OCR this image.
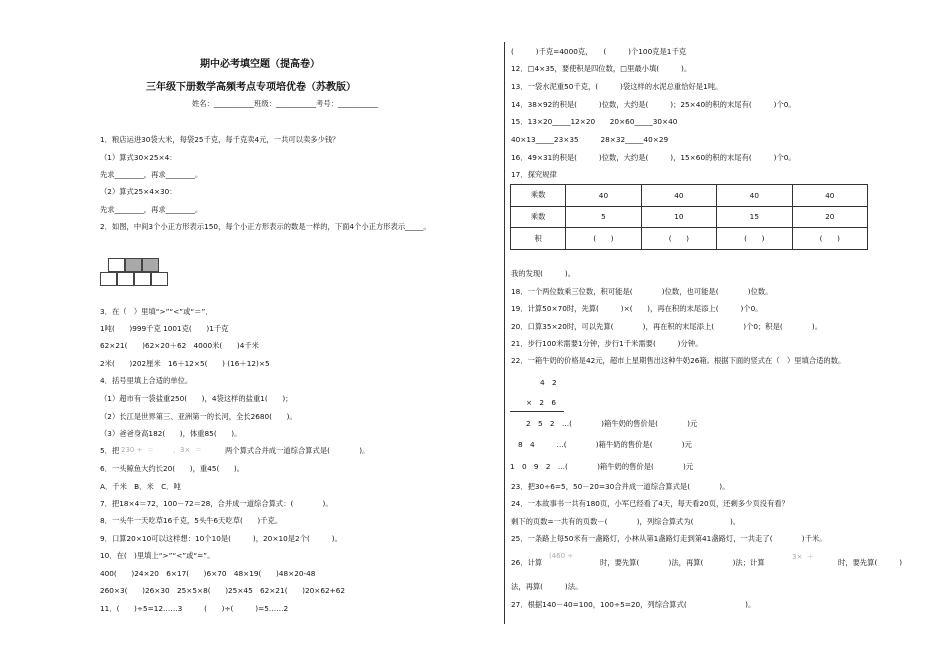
期中必考填空题（提高卷）
三年级下册数学高频考点专项培优卷（苏教版）
姓名：___________班级：___________考号：___________
1．粮店运进30袋大米，每袋25千克，每千克卖4元，一共可以卖多少钱？
（1）算式30×25×4：
先求________，再求________。
（2）算式25×4×30：
先求________，再求________。
2．如图，中间3个小正方形表示150，每个小正方形表示的数是一样的，下面4个小正方形表示_____。
3．在（　）里填“>”“<”或“＝”．
1吨(　　)999千克 1001克(　　)1千克
62×21(　　)62×20＋62　4000米(　　)4千米
2米(　　)202厘米　16＋12×5(　　) (16＋12)×5
4．括号里填上合适的单位。
（1）超市有一袋盐重250(　　)，4袋这样的盐重1(　　)；
（2）长江是世界第三、亚洲第一的长河，全长2680(　　)。
（3）爸爸身高182(　　)，体重85(　　)。
5．把 230 ÷  ＝ ，3×  ＝	两个算式合并成一道综合算式是(　　　　)。
6．一头鲸鱼大约长20(　　)，重45(　　)。
A．千米　B．米　C．吨
7．把18×4＝72，100－72＝28，合并成一道综合算式：(　　　　)。
8．一头牛一天吃草16千克，5头牛6天吃草(　　)千克。
9．口算20×10可以这样想：10个10是(　　　)，20×10是2个(　　　)。
10．在(　)里填上“>”“<”或“=”。
400(　　)24×20　6×17(　　)6×70　48×19(　　)48×20-48
260×3(　　)26×30　25×5×8(　　)25×45　62×21(　　)20×62+62
11．(　　)÷5=12……3　　　(　　)÷(　　　)=5……2
(　　　)千克=4000克，　　(　　　)个100克是1千克
12．□4×35，要使积是四位数，□里最小填(　　　)。
13．一袋水泥重50千克，(　　　)袋这样的水泥总重恰好是1吨。
14．38×92的积是(　　　)位数，大约是(　　　)；25×40的积的末尾有(　　　)个0。
15．13×20_____12×20　　20×60_____30×40
40×13_____23×35　　　28×32_____40×29
16．49×31的积是(　　　)位数，大约是(　　　)，15×60的积的末尾有(　　　)个0。
17．探究规律
乘数	40	40	40	40
乘数	5	10	15	20
积	(　　)	(　　)	(　　)	(　　)
我的发现(　　　)。
18．一个两位数乘三位数，积可能是(　　　　)位数，也可能是(　　　　)位数。
19．计算50×70时，先算(　　　)×(　　)，再在积的末尾添上(　　　)个0。
20．口算35×20时，可以先算(　　　　)，再在积的末尾添上(　　　　)个0；积是(　　　　)。
21．步行100米需要1分钟，步行1千米需要(　　　)分钟。
22．一箱牛奶的价格是42元，超市上星期售出这种牛奶26箱。根据下面的竖式在（　）里填合适的数。
4　2
×　2　6
2　5　2　…(　　　　)箱牛奶的售价是(　　　　)元
8　4　　　…(　　　　)箱牛奶的售价是(　　　　)元
1　0　9　2　…(　　　　)箱牛奶的售价是(　　　　)元
23．把30÷6=5，50－20=30合并成一道综合算式是(　　　　)。
24．一本故事书一共有180页，小军已经看了4天，每天看20页，还剩多少页没有看？
剩下的页数=一共有的页数－(　　　　)，列综合算式为(　　　　　)。
25．一条路上每50米有一盏路灯，小林从第1盏路灯走到第41盏路灯，一共走了(　　　　)千米。
26．计算
(460 ÷
时，要先算(　　　　)法，再算(　　　　)法；计算
3×  ＋
时，要先算(　　　)
法，再算(　　　)法。
27．根据140－40=100，100÷5=20，列综合算式(　　　　　　　　)。
